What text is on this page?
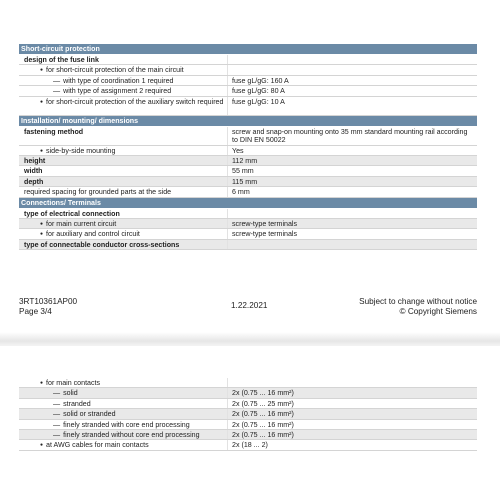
Short-circuit protection
design of the fuse link
● for short-circuit protection of the main circuit
— with type of coordination 1 required	fuse gL/gG: 160 A
— with type of assignment 2 required	fuse gL/gG: 80 A
● for short-circuit protection of the auxiliary switch required	fuse gL/gG: 10 A
Installation/ mounting/ dimensions
fastening method	screw and snap-on mounting onto 35 mm standard mounting rail according to DIN EN 50022
● side-by-side mounting	Yes
height	112 mm
width	55 mm
depth	115 mm
required spacing for grounded parts at the side	6 mm
Connections/ Terminals
type of electrical connection
● for main current circuit	screw-type terminals
● for auxiliary and control circuit	screw-type terminals
type of connectable conductor cross-sections
3RT10361AP00
Page 3/4
1.22.2021	Subject to change without notice
© Copyright Siemens
● for main contacts
— solid	2x (0.75 ... 16 mm²)
— stranded	2x (0.75 ... 25 mm²)
— solid or stranded	2x (0.75 ... 16 mm²)
— finely stranded with core end processing	2x (0.75 ... 16 mm²)
— finely stranded without core end processing	2x (0.75 ... 16 mm²)
● at AWG cables for main contacts	2x (18 ... 2)
